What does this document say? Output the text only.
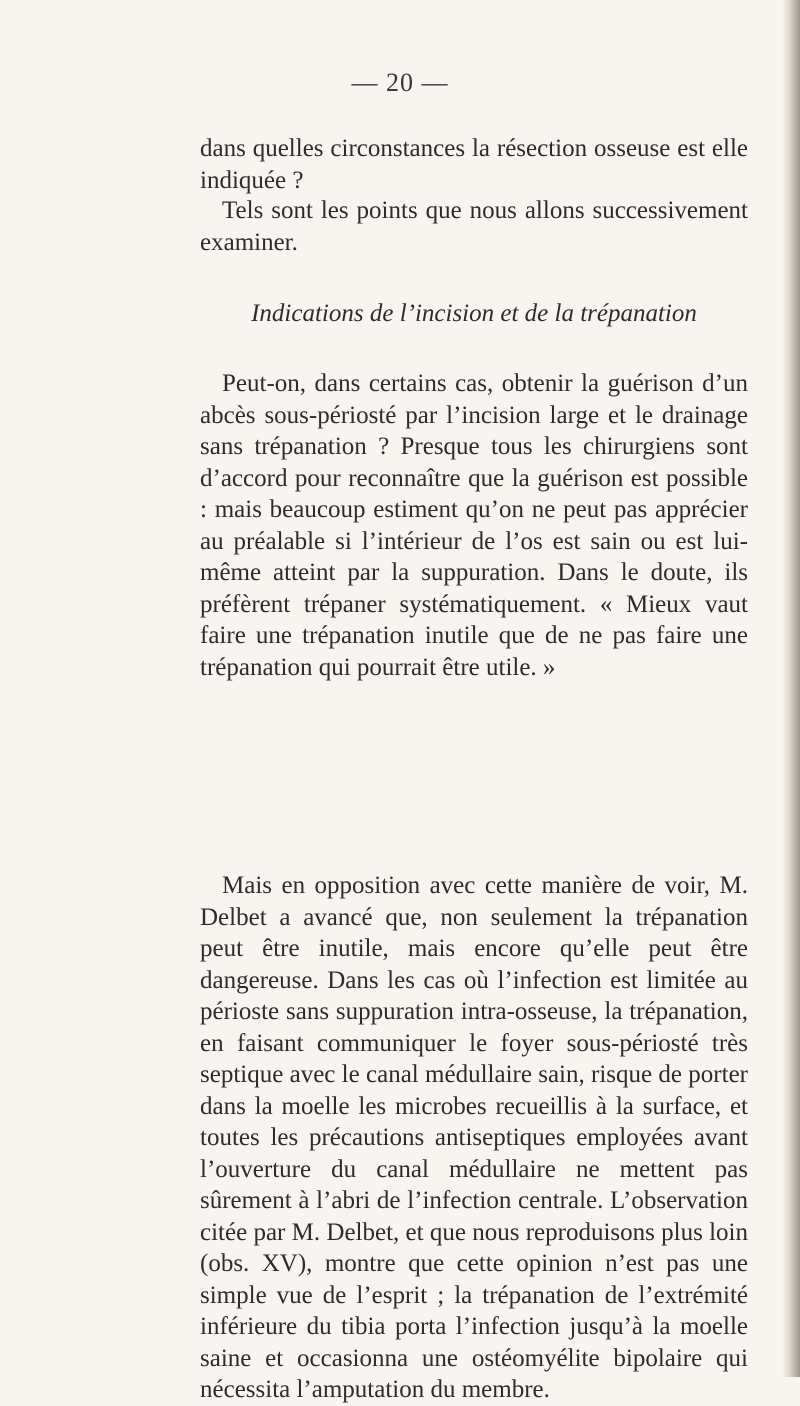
— 20 —

dans quelles circonstances la résection osseuse est elle indiquée ?

Tels sont les points que nous allons successivement examiner.

Indications de l’incision et de la trépanation

Peut-on, dans certains cas, obtenir la guérison d’un abcès sous-périosté par l’incision large et le drainage sans trépanation ? Presque tous les chirurgiens sont d’accord pour reconnaître que la guérison est possible : mais beaucoup estiment qu’on ne peut pas apprécier au préalable si l’intérieur de l’os est sain ou est lui-même atteint par la suppuration. Dans le doute, ils préfèrent trépaner systématiquement. « Mieux vaut faire une trépanation inutile que de ne pas faire une trépanation qui pourrait être utile. »

Mais en opposition avec cette manière de voir, M. Delbet a avancé que, non seulement la trépanation peut être inutile, mais encore qu’elle peut être dangereuse. Dans les cas où l’infection est limitée au périoste sans suppuration intra-osseuse, la trépanation, en faisant communiquer le foyer sous-périosté très septique avec le canal médullaire sain, risque de porter dans la moelle les microbes recueillis à la surface, et toutes les précautions antiseptiques employées avant l’ouverture du canal médullaire ne mettent pas sûrement à l’abri de l’infection centrale. L’observation citée par M. Delbet, et que nous reproduisons plus loin (obs. XV), montre que cette opinion n’est pas une simple vue de l’esprit ; la trépanation de l’extrémité inférieure du tibia porta l’infection jusqu’à la moelle saine et occasionna une ostéomyélite bipolaire qui nécessita l’amputation du membre.
